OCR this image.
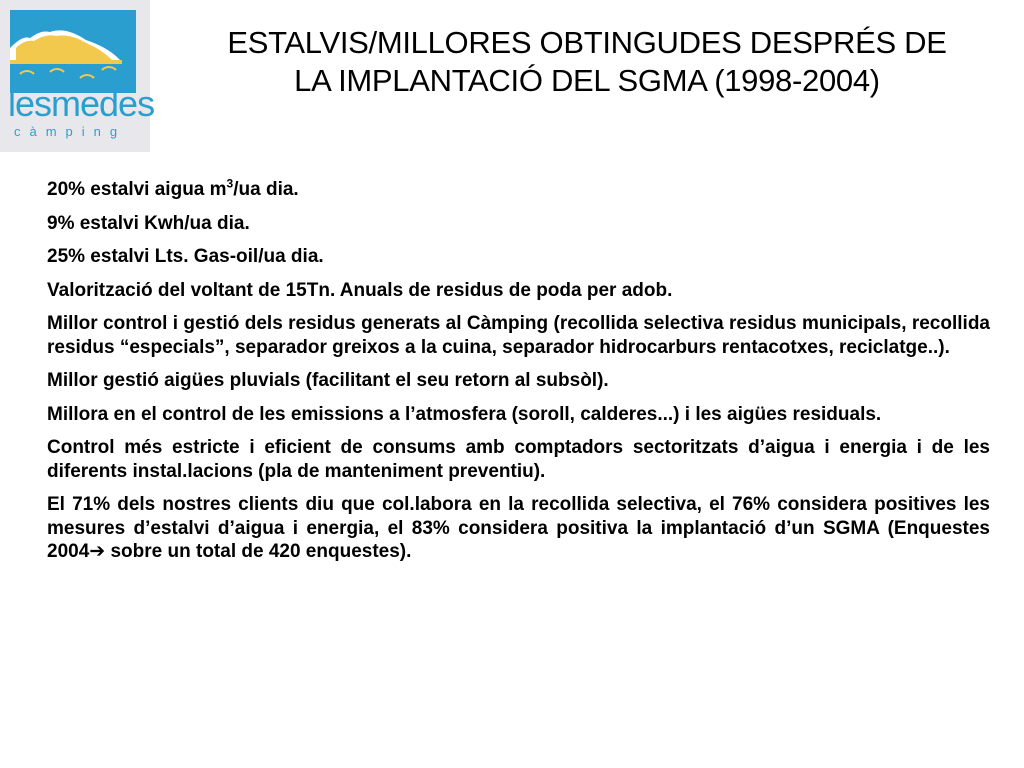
lesmedes
càmping
ESTALVIS/MILLORES OBTINGUDES DESPRÉS DE
LA IMPLANTACIÓ DEL SGMA (1998-2004)

20% estalvi aigua $m^3/ua$ dia.

9% estalvi Kwh/ua dia.

25% estalvi Lts. Gas-oil/ua dia.

Valorització del voltant de 15Tn. Anuals de residus de poda per adob.

Millor control i gestió dels residus generats al Càmping (recollida selectiva residus municipals, recollida residus “especials”, separador greixos a la cuina, separador hidrocarburs rentacotxes, reciclatge..).

Millor gestió aigües pluvials (facilitant el seu retorn al subsòl).

Millora en el control de les emissions a l’atmosfera (soroll, calderes...) i les aigües residuals.

Control més estricte i eficient de consums amb comptadors sectoritzats d’aigua i energia i de les diferents instal.lacions (pla de manteniment preventiu).

El 71% dels nostres clients diu que col.labora en la recollida selectiva, el 76% considera positives les mesures d’estalvi d’aigua i energia, el 83% considera positiva la implantació d’un SGMA (Enquestes 2004➔ sobre un total de 420 enquestes).
